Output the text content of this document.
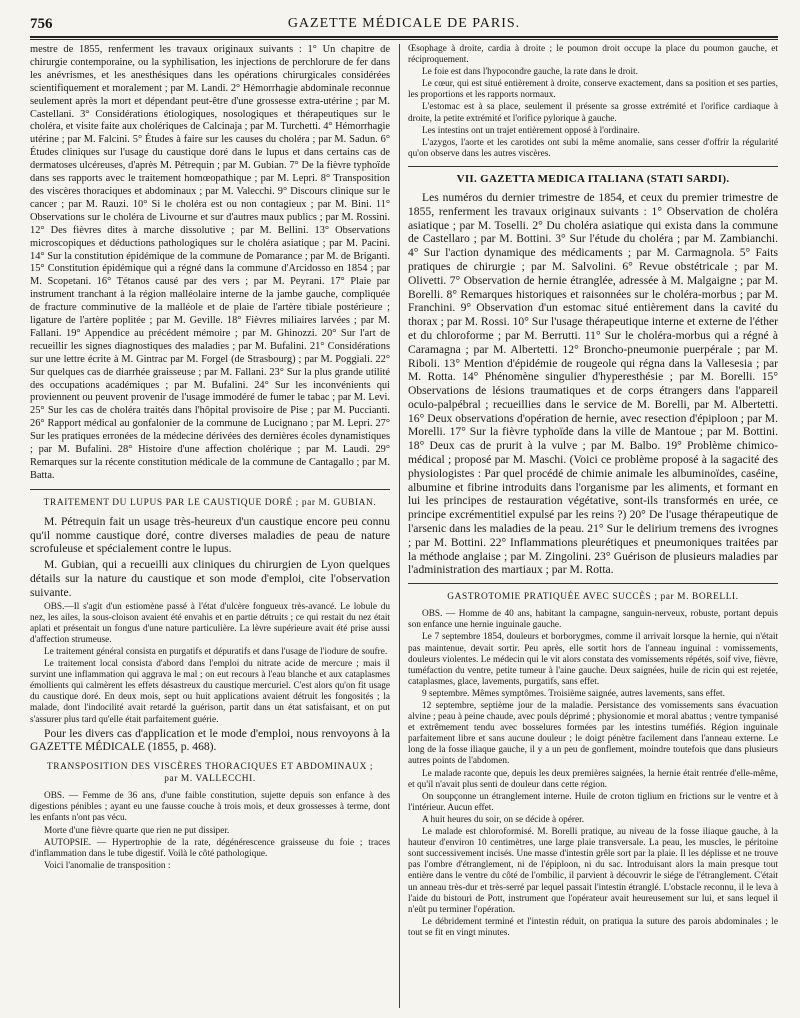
756	GAZETTE MÉDICALE DE PARIS.

mestre de 1855, renferment les travaux originaux suivants : 1° Un chapitre de chirurgie contemporaine, ou la syphilisation, les injections de perchlorure de fer dans les anévrismes, et les anesthésiques dans les opérations chirurgicales considérées scientifiquement et moralement ; par M. Landi. 2° Hémorrhagie abdominale reconnue seulement après la mort et dépendant peut-être d'une grossesse extra-utérine ; par M. Castellani. 3° Considérations étiologiques, nosologiques et thérapeutiques sur le choléra, et visite faite aux cholériques de Calcinaja ; par M. Turchetti. 4° Hémorrhagie utérine ; par M. Falcini. 5° Études à faire sur les causes du choléra ; par M. Sadun. 6° Études cliniques sur l'usage du caustique doré dans le lupus et dans certains cas de dermatoses ulcéreuses, d'après M. Pétrequin ; par M. Gubian. 7° De la fièvre typhoïde dans ses rapports avec le traitement homœopathique ; par M. Lepri. 8° Transposition des viscères thoraciques et abdominaux ; par M. Valecchi. 9° Discours clinique sur le cancer ; par M. Rauzi. 10° Si le choléra est ou non contagieux ; par M. Bini. 11° Observations sur le choléra de Livourne et sur d'autres maux publics ; par M. Rossini. 12° Des fièvres dites à marche dissolutive ; par M. Bellini. 13° Observations microscopiques et déductions pathologiques sur le choléra asiatique ; par M. Pacini. 14° Sur la constitution épidémique de la commune de Pomarance ; par M. de Briganti. 15° Constitution épidémique qui a régné dans la commune d'Arcidosso en 1854 ; par M. Scopetani. 16° Tétanos causé par des vers ; par M. Peyrani. 17° Plaie par instrument tranchant à la région malléolaire interne de la jambe gauche, compliquée de fracture comminutive de la malléole et de plaie de l'artère tibiale postérieure ; ligature de l'artère poplitée ; par M. Geville. 18° Fièvres miliaires larvées ; par M. Fallani. 19° Appendice au précédent mémoire ; par M. Ghinozzi. 20° Sur l'art de recueillir les signes diagnostiques des maladies ; par M. Bufalini. 21° Considérations sur une lettre écrite à M. Gintrac par M. Forgel (de Strasbourg) ; par M. Poggiali. 22° Sur quelques cas de diarrhée graisseuse ; par M. Fallani. 23° Sur la plus grande utilité des occupations académiques ; par M. Bufalini. 24° Sur les inconvénients qui proviennent ou peuvent provenir de l'usage immodéré de fumer le tabac ; par M. Levi. 25° Sur les cas de choléra traités dans l'hôpital provisoire de Pise ; par M. Puccianti. 26° Rapport médical au gonfalonier de la commune de Lucignano ; par M. Lepri. 27° Sur les pratiques erronées de la médecine dérivées des dernières écoles dynamistiques ; par M. Bufalini. 28° Histoire d'une affection cholérique ; par M. Laudi. 29° Remarques sur la récente constitution médicale de la commune de Cantagallo ; par M. Batta.

TRAITEMENT DU LUPUS PAR LE CAUSTIQUE DORÉ ; par M. GUBIAN.

M. Pétrequin fait un usage très-heureux d'un caustique encore peu connu qu'il nomme caustique doré, contre diverses maladies de peau de nature scrofuleuse et spécialement contre le lupus.

M. Gubian, qui a recueilli aux cliniques du chirurgien de Lyon quelques détails sur la nature du caustique et son mode d'emploi, cite l'observation suivante.

OBS.—Il s'agit d'un estiomène passé à l'état d'ulcère fongueux très-avancé. Le lobule du nez, les ailes, la sous-cloison avaient été envahis et en partie détruits ; ce qui restait du nez était aplati et présentait un fongus d'une nature particulière. La lèvre supérieure avait été prise aussi d'affection strumeuse.

Le traitement général consista en purgatifs et dépuratifs et dans l'usage de l'iodure de soufre.

Le traitement local consista d'abord dans l'emploi du nitrate acide de mercure ; mais il survint une inflammation qui aggrava le mal ; on eut recours à l'eau blanche et aux cataplasmes émollients qui calmèrent les effets désastreux du caustique mercuriel. C'est alors qu'on fit usage du caustique doré. En deux mois, sept ou huit applications avaient détruit les fongosités ; la malade, dont l'indocilité avait retardé la guérison, partit dans un état satisfaisant, et on put s'assurer plus tard qu'elle était parfaitement guérie.

Pour les divers cas d'application et le mode d'emploi, nous renvoyons à la GAZETTE MÉDICALE (1855, p. 468).

TRANSPOSITION DES VISCÈRES THORACIQUES ET ABDOMINAUX ;
par M. VALLECCHI.

OBS. — Femme de 36 ans, d'une faible constitution, sujette depuis son enfance à des digestions pénibles ; ayant eu une fausse couche à trois mois, et deux grossesses à terme, dont les enfants n'ont pas vécu.

Morte d'une fièvre quarte que rien ne put dissiper.

AUTOPSIE. — Hypertrophie de la rate, dégénérescence graisseuse du foie ; traces d'inflammation dans le tube digestif. Voilà le côté pathologique.

Voici l'anomalie de transposition :

Œsophage à droite, cardia à droite ; le poumon droit occupe la place du poumon gauche, et réciproquement.

Le foie est dans l'hypocondre gauche, la rate dans le droit.

Le cœur, qui est situé entièrement à droite, conserve exactement, dans sa position et ses parties, les proportions et les rapports normaux.

L'estomac est à sa place, seulement il présente sa grosse extrémité et l'orifice cardiaque à droite, la petite extrémité et l'orifice pylorique à gauche.

Les intestins ont un trajet entièrement opposé à l'ordinaire.

L'azygos, l'aorte et les carotides ont subi la même anomalie, sans cesser d'offrir la régularité qu'on observe dans les autres viscères.

VII. GAZETTA MEDICA ITALIANA (STATI SARDI).

Les numéros du dernier trimestre de 1854, et ceux du premier trimestre de 1855, renferment les travaux originaux suivants : 1° Observation de choléra asiatique ; par M. Toselli. 2° Du choléra asiatique qui exista dans la commune de Castellaro ; par M. Bottini. 3° Sur l'étude du choléra ; par M. Zambianchi. 4° Sur l'action dynamique des médicaments ; par M. Carmagnola. 5° Faits pratiques de chirurgie ; par M. Salvolini. 6° Revue obstétricale ; par M. Olivetti. 7° Observation de hernie étranglée, adressée à M. Malgaigne ; par M. Borelli. 8° Remarques historiques et raisonnées sur le choléra-morbus ; par M. Franchini. 9° Observation d'un estomac situé entièrement dans la cavité du thorax ; par M. Rossi. 10° Sur l'usage thérapeutique interne et externe de l'éther et du chloroforme ; par M. Berrutti. 11° Sur le choléra-morbus qui a régné à Caramagna ; par M. Albertetti. 12° Broncho-pneumonie puerpérale ; par M. Riboli. 13° Mention d'épidémie de rougeole qui régna dans la Vallesesia ; par M. Rotta. 14° Phénomène singulier d'hyperesthésie ; par M. Borelli. 15° Observations de lésions traumatiques et de corps étrangers dans l'appareil oculo-palpébral ; recueillies dans le service de M. Borelli, par M. Albertetti. 16° Deux observations d'opération de hernie, avec resection d'épiploon ; par M. Morelli. 17° Sur la fièvre typhoïde dans la ville de Mantoue ; par M. Bottini. 18° Deux cas de prurit à la vulve ; par M. Balbo. 19° Problème chimico-médical ; proposé par M. Maschi. (Voici ce problème proposé à la sagacité des physiologistes : Par quel procédé de chimie animale les albuminoïdes, caséine, albumine et fibrine introduits dans l'organisme par les aliments, et formant en lui les principes de restauration végétative, sont-ils transformés en urée, ce principe excrémentitiel expulsé par les reins ?) 20° De l'usage thérapeutique de l'arsenic dans les maladies de la peau. 21° Sur le delirium tremens des ivrognes ; par M. Bottini. 22° Inflammations pleurétiques et pneumoniques traitées par la méthode anglaise ; par M. Zingolini. 23° Guérison de plusieurs maladies par l'administration des martiaux ; par M. Rotta.

GASTROTOMIE PRATIQUÉE AVEC SUCCÈS ; par M. BORELLI.

OBS. — Homme de 40 ans, habitant la campagne, sanguin-nerveux, robuste, portant depuis son enfance une hernie inguinale gauche.

Le 7 septembre 1854, douleurs et borborygmes, comme il arrivait lorsque la hernie, qui n'était pas maintenue, devait sortir. Peu après, elle sortit hors de l'anneau inguinal : vomissements, douleurs violentes. Le médecin qui le vit alors constata des vomissements répétés, soif vive, fièvre, tuméfaction du ventre, petite tumeur à l'aine gauche. Deux saignées, huile de ricin qui est rejetée, cataplasmes, glace, lavements, purgatifs, sans effet.

9 septembre. Mêmes symptômes. Troisième saignée, autres lavements, sans effet.

12 septembre, septième jour de la maladie. Persistance des vomissements sans évacuation alvine ; peau à peine chaude, avec pouls déprimé ; physionomie et moral abattus ; ventre tympanisé et extrêmement tendu avec bosselures formées par les intestins tuméfiés. Région inguinale parfaitement libre et sans aucune douleur ; le doigt pénètre facilement dans l'anneau externe. Le long de la fosse iliaque gauche, il y a un peu de gonflement, moindre toutefois que dans plusieurs autres points de l'abdomen.

Le malade raconte que, depuis les deux premières saignées, la hernie était rentrée d'elle-même, et qu'il n'avait plus senti de douleur dans cette région.

On soupçonne un étranglement interne. Huile de croton tiglium en frictions sur le ventre et à l'intérieur. Aucun effet.

A huit heures du soir, on se décide à opérer.

Le malade est chloroformisé. M. Borelli pratique, au niveau de la fosse iliaque gauche, à la hauteur d'environ 10 centimètres, une large plaie transversale. La peau, les muscles, le péritoine sont successivement incisés. Une masse d'intestin grêle sort par la plaie. Il les déplisse et ne trouve pas l'ombre d'étranglement, ni de l'épiploon, ni du sac. Introduisant alors la main presque tout entière dans le ventre du côté de l'ombilic, il parvient à découvrir le siége de l'étranglement. C'était un anneau très-dur et très-serré par lequel passait l'intestin étranglé. L'obstacle reconnu, il le leva à l'aide du bistouri de Pott, instrument que l'opérateur avait heureusement sur lui, et sans lequel il n'eût pu terminer l'opération.

Le débridement terminé et l'intestin réduit, on pratiqua la suture des parois abdominales ; le tout se fit en vingt minutes.
